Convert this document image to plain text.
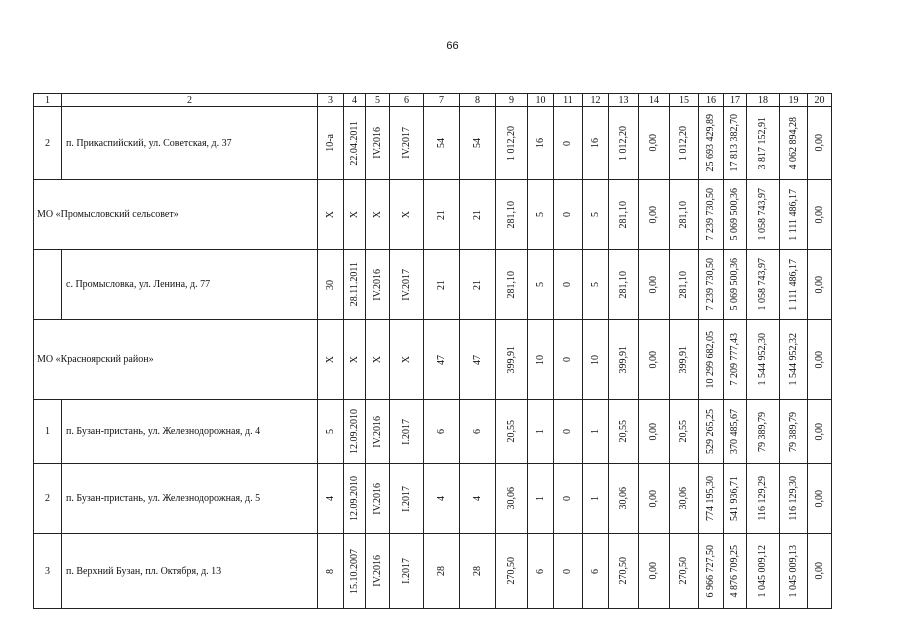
66
1	2	3	4	5	6	7	8	9	10	11	12	13	14	15	16	17	18	19	20
2	п. Прикаспийский, ул. Советская, д. 37	10-а	22.04.2011	IV.2016	IV.2017	54	54	1 012,20	16	0	16	1 012,20	0,00	1 012,20	25 693 429,89	17 813 382,70	3 817 152,91	4 062 894,28	0,00

МО «Промысловский сельсовет»		X	X	X	X	21	21	281,10	5	0	5	281,10	0,00	281,10	7 239 730,50	5 069 500,36	1 058 743,97	1 111 486,17	0,00

	с. Промысловка, ул. Ленина, д. 77	30	28.11.2011	IV.2016	IV.2017	21	21	281,10	5	0	5	281,10	0,00	281,10	7 239 730,50	5 069 500,36	1 058 743,97	1 111 486,17	0,00

МО «Красноярский район»		X	X	X	X	47	47	399,91	10	0	10	399,91	0,00	399,91	10 299 682,05	7 209 777,43	1 544 952,30	1 544 952,32	0,00

1	п. Бузан-пристань, ул. Железнодорожная, д. 4	5	12.09.2010	IV.2016	I.2017	6	6	20,55	1	0	1	20,55	0,00	20,55	529 265,25	370 485,67	79 389,79	79 389,79	0,00

2	п. Бузан-пристань, ул. Железнодорожная, д. 5	4	12.09.2010	IV.2016	I.2017	4	4	30,06	1	0	1	30,06	0,00	30,06	774 195,30	541 936,71	116 129,29	116 129,30	0,00

3	п. Верхний Бузан, пл. Октября, д. 13	8	15.10.2007	IV.2016	I.2017	28	28	270,50	6	0	6	270,50	0,00	270,50	6 966 727,50	4 876 709,25	1 045 009,12	1 045 009,13	0,00
